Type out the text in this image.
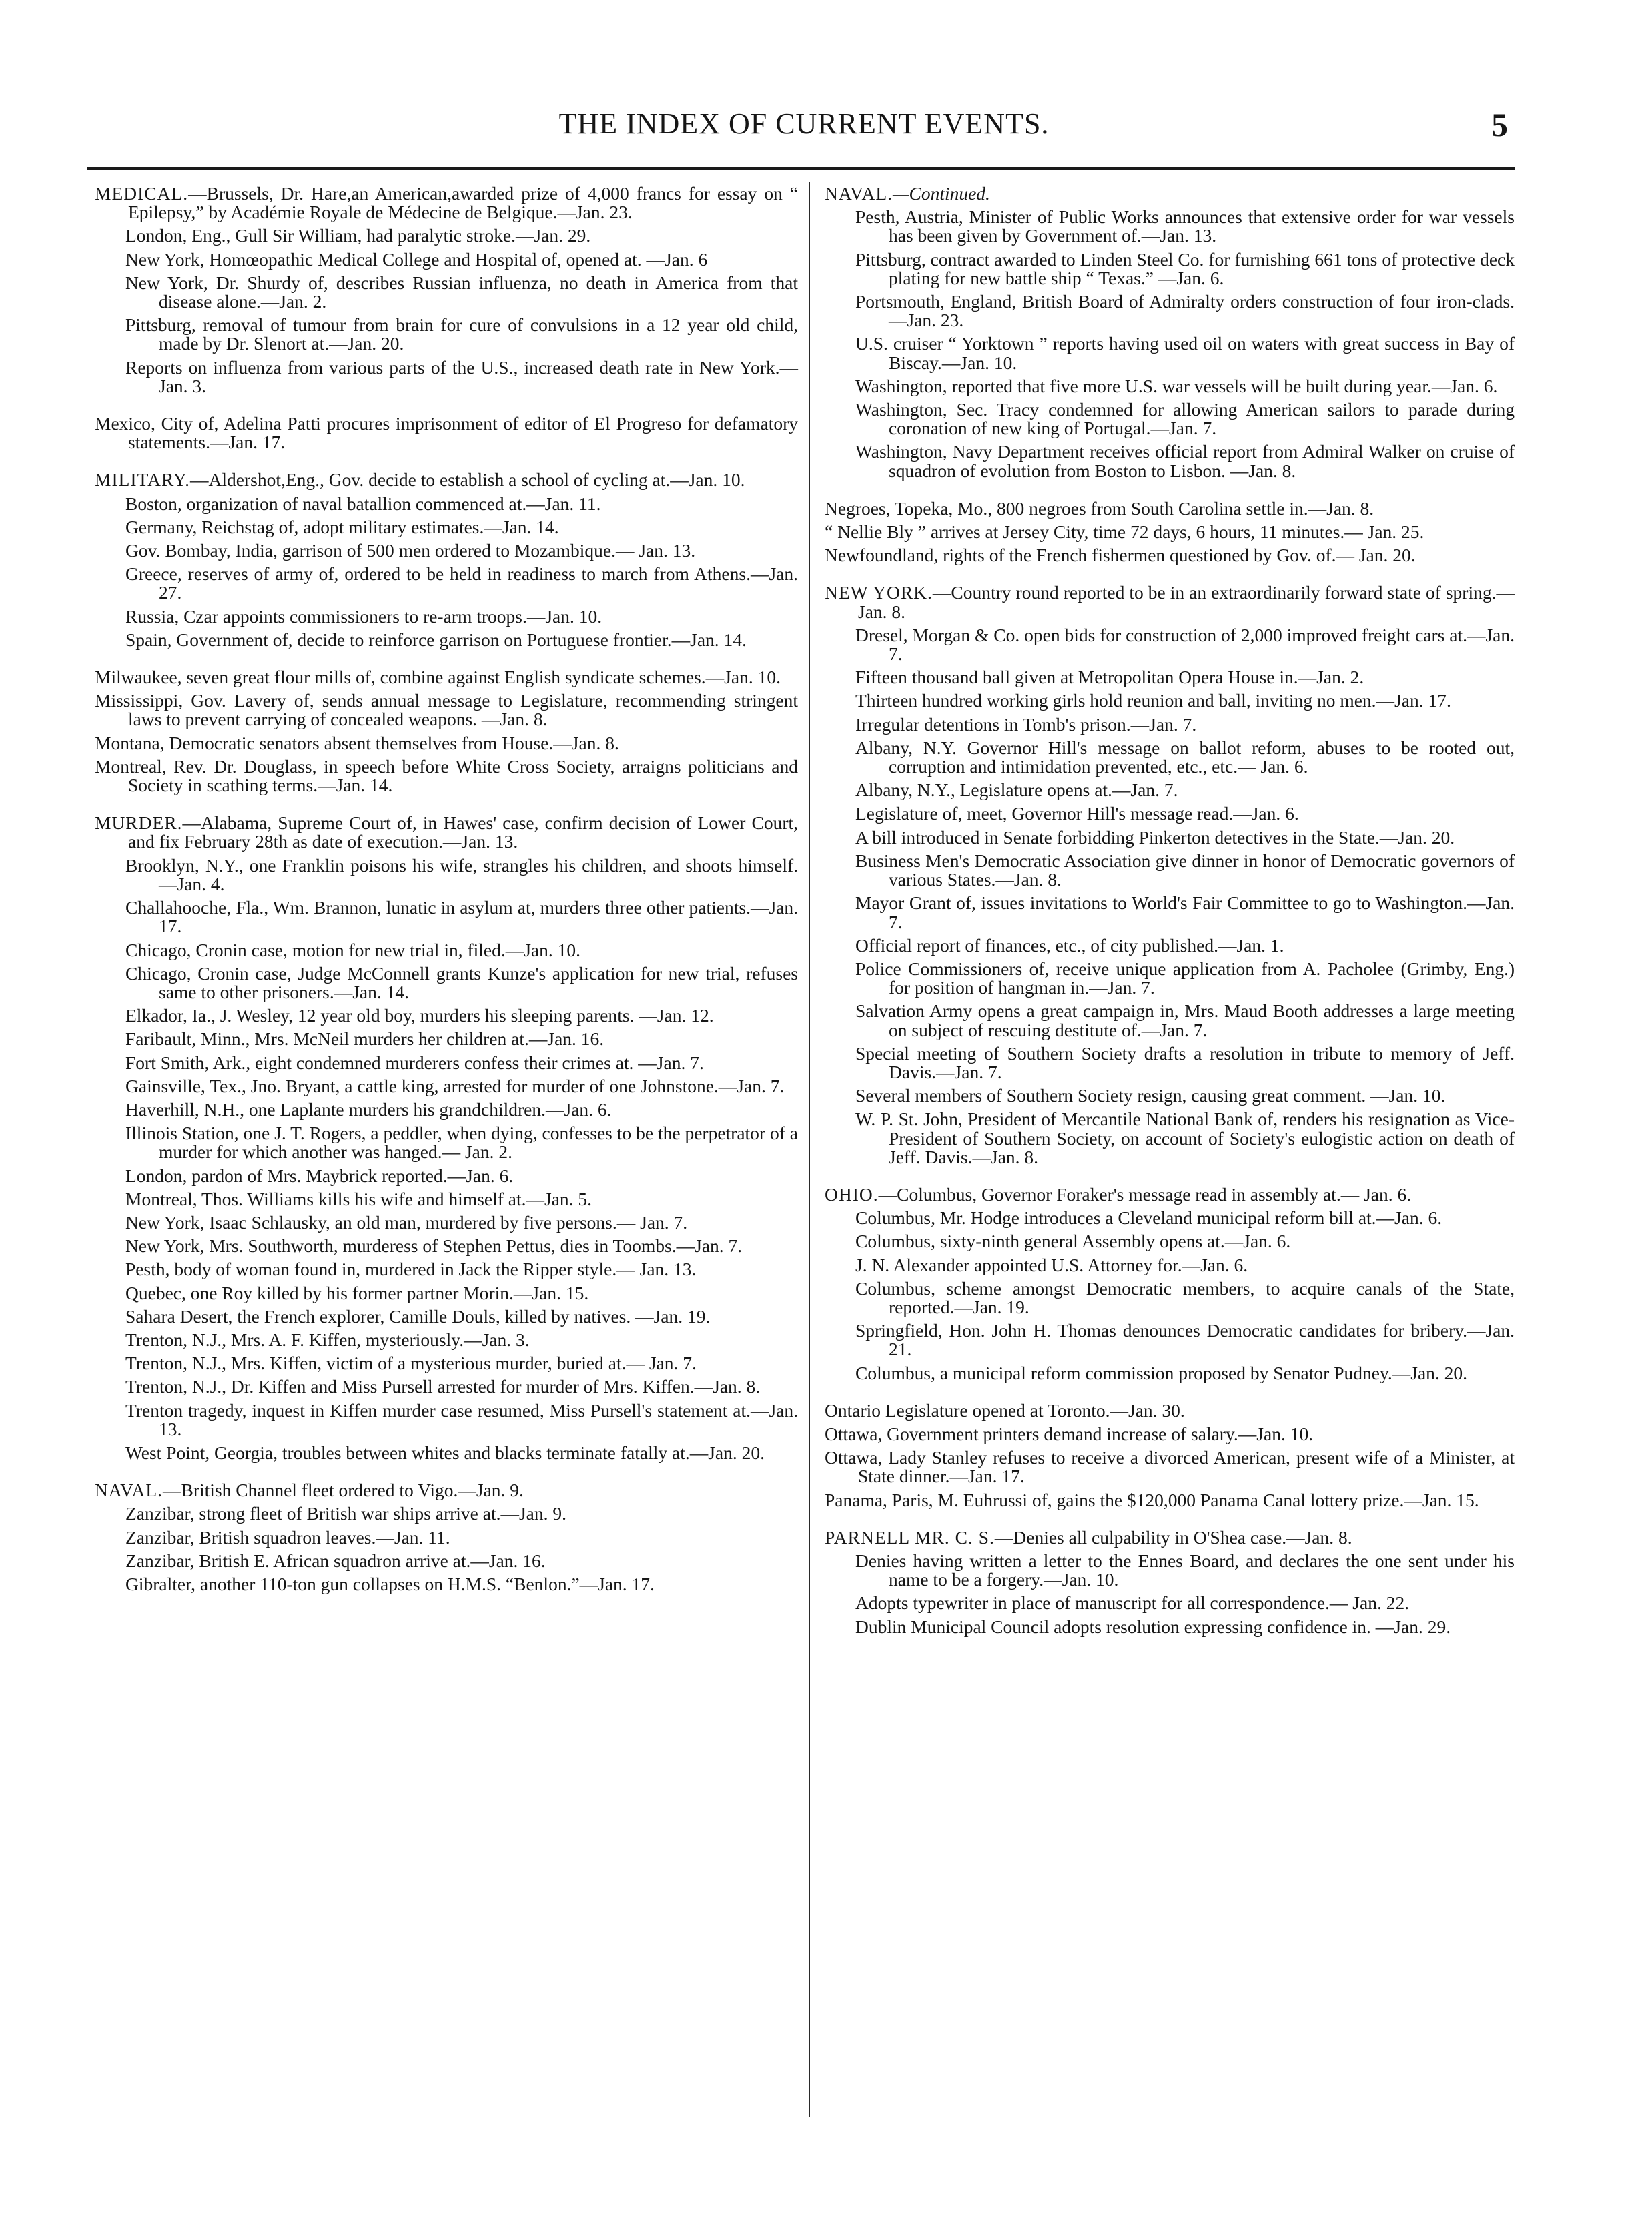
THE INDEX OF CURRENT EVENTS.	5
MEDICAL.—Brussels, Dr. Hare,an American,awarded prize of 4,000 francs for essay on “ Epilepsy,” by Académie Royale de Médecine de Belgique.—Jan. 23.
London, Eng., Gull Sir William, had paralytic stroke.—Jan. 29.
New York, Homœopathic Medical College and Hospital of, opened at. —Jan. 6
New York, Dr. Shurdy of, describes Russian influenza, no death in America from that disease alone.—Jan. 2.
Pittsburg, removal of tumour from brain for cure of convulsions in a 12 year old child, made by Dr. Slenort at.—Jan. 20.
Reports on influenza from various parts of the U.S., increased death rate in New York.—Jan. 3.
Mexico, City of, Adelina Patti procures imprisonment of editor of El Progreso for defamatory statements.—Jan. 17.
MILITARY.—Aldershot,Eng., Gov. decide to establish a school of cycling at.—Jan. 10.
Boston, organization of naval batallion commenced at.—Jan. 11.
Germany, Reichstag of, adopt military estimates.—Jan. 14.
Gov. Bombay, India, garrison of 500 men ordered to Mozambique.— Jan. 13.
Greece, reserves of army of, ordered to be held in readiness to march from Athens.—Jan. 27.
Russia, Czar appoints commissioners to re-arm troops.—Jan. 10.
Spain, Government of, decide to reinforce garrison on Portuguese frontier.—Jan. 14.
Milwaukee, seven great flour mills of, combine against English syndicate schemes.—Jan. 10.
Mississippi, Gov. Lavery of, sends annual message to Legislature, recommending stringent laws to prevent carrying of concealed weapons. —Jan. 8.
Montana, Democratic senators absent themselves from House.—Jan. 8.
Montreal, Rev. Dr. Douglass, in speech before White Cross Society, arraigns politicians and Society in scathing terms.—Jan. 14.
MURDER.—Alabama, Supreme Court of, in Hawes' case, confirm decision of Lower Court, and fix February 28th as date of execution.—Jan. 13.
Brooklyn, N.Y., one Franklin poisons his wife, strangles his children, and shoots himself.—Jan. 4.
Challahooche, Fla., Wm. Brannon, lunatic in asylum at, murders three other patients.—Jan. 17.
Chicago, Cronin case, motion for new trial in, filed.—Jan. 10.
Chicago, Cronin case, Judge McConnell grants Kunze's application for new trial, refuses same to other prisoners.—Jan. 14.
Elkador, Ia., J. Wesley, 12 year old boy, murders his sleeping parents. —Jan. 12.
Faribault, Minn., Mrs. McNeil murders her children at.—Jan. 16.
Fort Smith, Ark., eight condemned murderers confess their crimes at. —Jan. 7.
Gainsville, Tex., Jno. Bryant, a cattle king, arrested for murder of one Johnstone.—Jan. 7.
Haverhill, N.H., one Laplante murders his grandchildren.—Jan. 6.
Illinois Station, one J. T. Rogers, a peddler, when dying, confesses to be the perpetrator of a murder for which another was hanged.— Jan. 2.
London, pardon of Mrs. Maybrick reported.—Jan. 6.
Montreal, Thos. Williams kills his wife and himself at.—Jan. 5.
New York, Isaac Schlausky, an old man, murdered by five persons.— Jan. 7.
New York, Mrs. Southworth, murderess of Stephen Pettus, dies in Toombs.—Jan. 7.
Pesth, body of woman found in, murdered in Jack the Ripper style.— Jan. 13.
Quebec, one Roy killed by his former partner Morin.—Jan. 15.
Sahara Desert, the French explorer, Camille Douls, killed by natives. —Jan. 19.
Trenton, N.J., Mrs. A. F. Kiffen, mysteriously.—Jan. 3.
Trenton, N.J., Mrs. Kiffen, victim of a mysterious murder, buried at.— Jan. 7.
Trenton, N.J., Dr. Kiffen and Miss Pursell arrested for murder of Mrs. Kiffen.—Jan. 8.
Trenton tragedy, inquest in Kiffen murder case resumed, Miss Pursell's statement at.—Jan. 13.
West Point, Georgia, troubles between whites and blacks terminate fatally at.—Jan. 20.
NAVAL.—British Channel fleet ordered to Vigo.—Jan. 9.
Zanzibar, strong fleet of British war ships arrive at.—Jan. 9.
Zanzibar, British squadron leaves.—Jan. 11.
Zanzibar, British E. African squadron arrive at.—Jan. 16.
Gibralter, another 110-ton gun collapses on H.M.S. “Benlon.”—Jan. 17.
NAVAL.—Continued.
Pesth, Austria, Minister of Public Works announces that extensive order for war vessels has been given by Government of.—Jan. 13.
Pittsburg, contract awarded to Linden Steel Co. for furnishing 661 tons of protective deck plating for new battle ship “ Texas.” —Jan. 6.
Portsmouth, England, British Board of Admiralty orders construction of four iron-clads.—Jan. 23.
U.S. cruiser “ Yorktown ” reports having used oil on waters with great success in Bay of Biscay.—Jan. 10.
Washington, reported that five more U.S. war vessels will be built during year.—Jan. 6.
Washington, Sec. Tracy condemned for allowing American sailors to parade during coronation of new king of Portugal.—Jan. 7.
Washington, Navy Department receives official report from Admiral Walker on cruise of squadron of evolution from Boston to Lisbon. —Jan. 8.
Negroes, Topeka, Mo., 800 negroes from South Carolina settle in.—Jan. 8.
“ Nellie Bly ” arrives at Jersey City, time 72 days, 6 hours, 11 minutes.— Jan. 25.
Newfoundland, rights of the French fishermen questioned by Gov. of.— Jan. 20.
NEW YORK.—Country round reported to be in an extraordinarily forward state of spring.—Jan. 8.
Dresel, Morgan & Co. open bids for construction of 2,000 improved freight cars at.—Jan. 7.
Fifteen thousand ball given at Metropolitan Opera House in.—Jan. 2.
Thirteen hundred working girls hold reunion and ball, inviting no men.—Jan. 17.
Irregular detentions in Tomb's prison.—Jan. 7.
Albany, N.Y. Governor Hill's message on ballot reform, abuses to be rooted out, corruption and intimidation prevented, etc., etc.— Jan. 6.
Albany, N.Y., Legislature opens at.—Jan. 7.
Legislature of, meet, Governor Hill's message read.—Jan. 6.
A bill introduced in Senate forbidding Pinkerton detectives in the State.—Jan. 20.
Business Men's Democratic Association give dinner in honor of Democratic governors of various States.—Jan. 8.
Mayor Grant of, issues invitations to World's Fair Committee to go to Washington.—Jan. 7.
Official report of finances, etc., of city published.—Jan. 1.
Police Commissioners of, receive unique application from A. Pacholee (Grimby, Eng.) for position of hangman in.—Jan. 7.
Salvation Army opens a great campaign in, Mrs. Maud Booth addresses a large meeting on subject of rescuing destitute of.—Jan. 7.
Special meeting of Southern Society drafts a resolution in tribute to memory of Jeff. Davis.—Jan. 7.
Several members of Southern Society resign, causing great comment. —Jan. 10.
W. P. St. John, President of Mercantile National Bank of, renders his resignation as Vice-President of Southern Society, on account of Society's eulogistic action on death of Jeff. Davis.—Jan. 8.
OHIO.—Columbus, Governor Foraker's message read in assembly at.— Jan. 6.
Columbus, Mr. Hodge introduces a Cleveland municipal reform bill at.—Jan. 6.
Columbus, sixty-ninth general Assembly opens at.—Jan. 6.
J. N. Alexander appointed U.S. Attorney for.—Jan. 6.
Columbus, scheme amongst Democratic members, to acquire canals of the State, reported.—Jan. 19.
Springfield, Hon. John H. Thomas denounces Democratic candidates for bribery.—Jan. 21.
Columbus, a municipal reform commission proposed by Senator Pudney.—Jan. 20.
Ontario Legislature opened at Toronto.—Jan. 30.
Ottawa, Government printers demand increase of salary.—Jan. 10.
Ottawa, Lady Stanley refuses to receive a divorced American, present wife of a Minister, at State dinner.—Jan. 17.
Panama, Paris, M. Euhrussi of, gains the $120,000 Panama Canal lottery prize.—Jan. 15.
PARNELL MR. C. S.—Denies all culpability in O'Shea case.—Jan. 8.
Denies having written a letter to the Ennes Board, and declares the one sent under his name to be a forgery.—Jan. 10.
Adopts typewriter in place of manuscript for all correspondence.— Jan. 22.
Dublin Municipal Council adopts resolution expressing confidence in. —Jan. 29.
